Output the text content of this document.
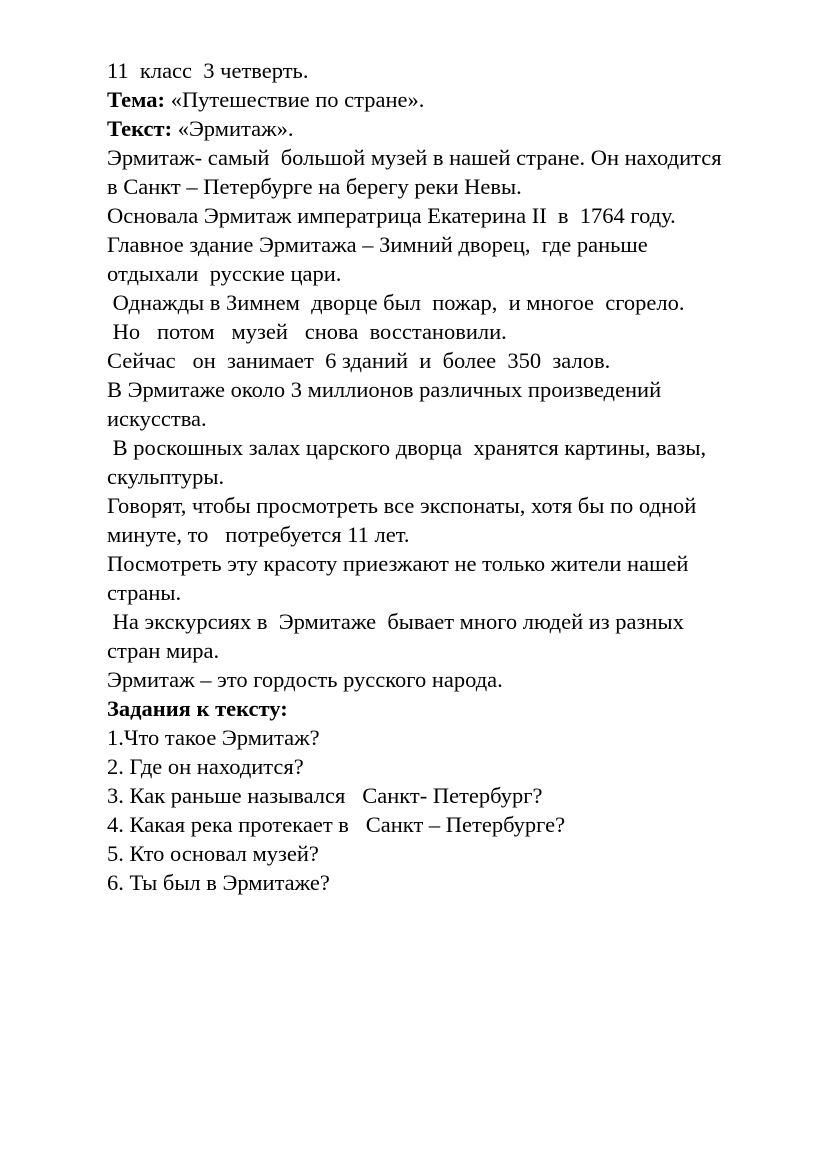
11  класс  3 четверть.
Тема: «Путешествие по стране».
Текст: «Эрмитаж».
Эрмитаж- самый  большой музей в нашей стране. Он находится
в Санкт – Петербурге на берегу реки Невы.
Основала Эрмитаж императрица Екатерина II  в  1764 году.
Главное здание Эрмитажа – Зимний дворец,  где раньше
отдыхали  русские цари.
Однажды в Зимнем  дворце был  пожар,  и многое  сгорело.
Но   потом   музей   снова  восстановили.
Сейчас   он  занимает  6 зданий  и  более  350  залов.
В Эрмитаже около 3 миллионов различных произведений
искусства.
В роскошных залах царского дворца  хранятся картины, вазы,
скульптуры.
Говорят, чтобы просмотреть все экспонаты, хотя бы по одной
минуте, то   потребуется 11 лет.
Посмотреть эту красоту приезжают не только жители нашей
страны.
На экскурсиях в  Эрмитаже  бывает много людей из разных
стран мира.
Эрмитаж – это гордость русского народа.
Задания к тексту:
1.Что такое Эрмитаж?
2. Где он находится?
3. Как раньше назывался   Санкт- Петербург?
4. Какая река протекает в   Санкт – Петербурге?
5. Кто основал музей?
6. Ты был в Эрмитаже?
